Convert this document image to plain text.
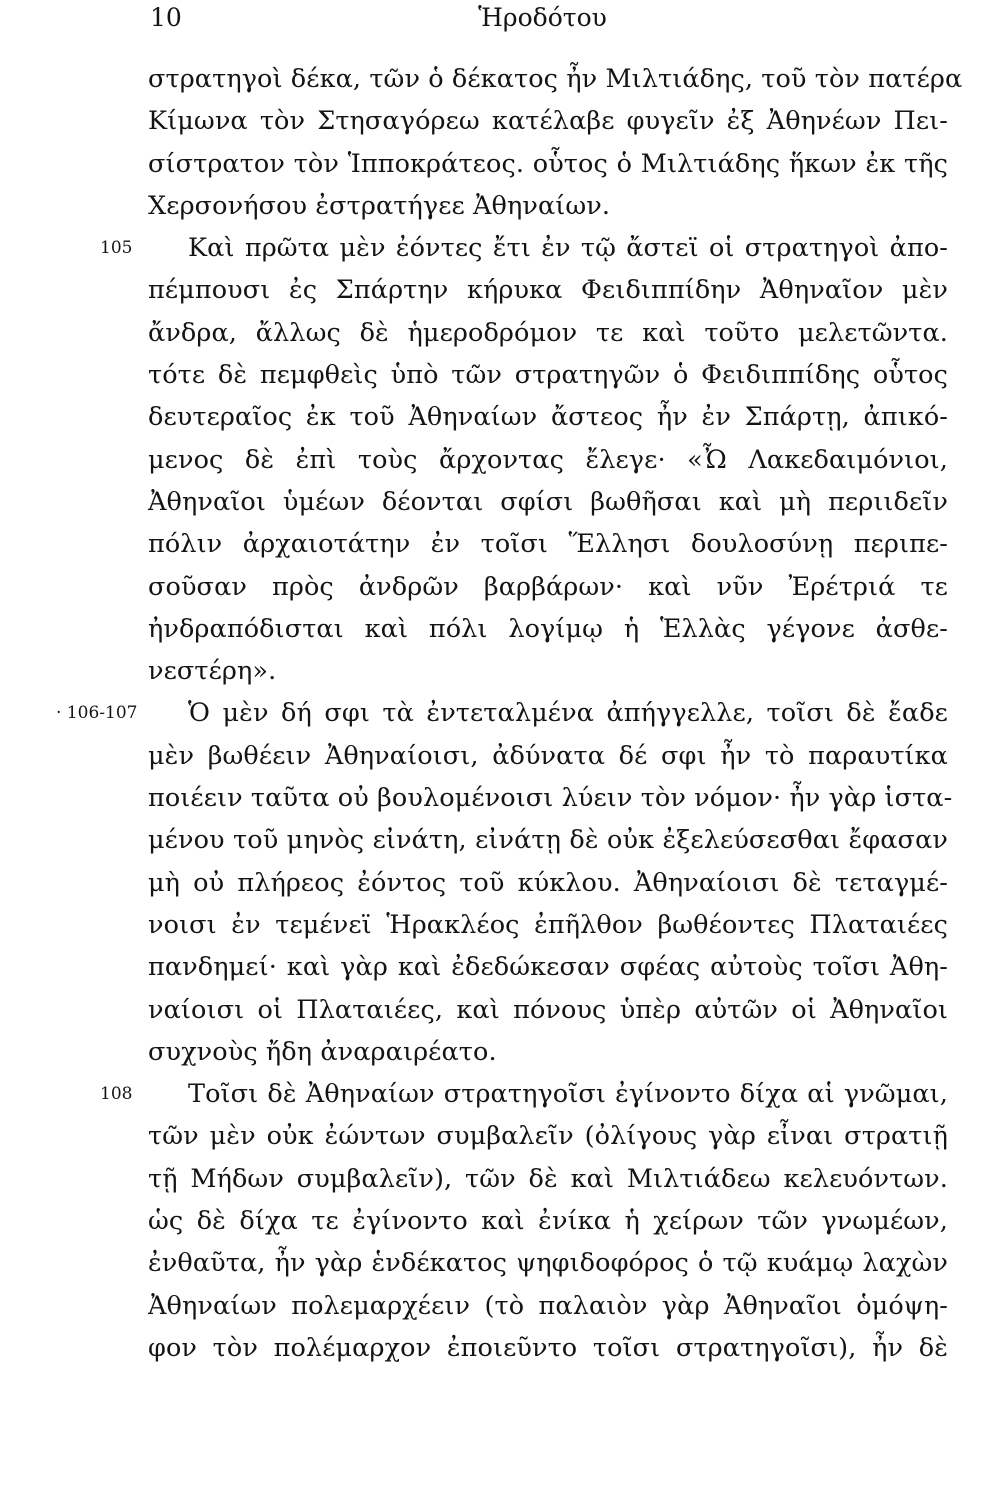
10	Ἡροδότου
στρατηγοὶ δέκα, τῶν ὁ δέκατος ἦν Μιλτιάδης, τοῦ τὸν πατέρα
Κίμωνα τὸν Στησαγόρεω κατέλαβε φυγεῖν ἐξ Ἀθηνέων Πει-
σίστρατον τὸν Ἱπποκράτεος. οὗτος ὁ Μιλτιάδης ἥκων ἐκ τῆς
Χερσονήσου ἐστρατήγεε Ἀθηναίων.
105 Καὶ πρῶτα μὲν ἐόντες ἔτι ἐν τῷ ἄστεϊ οἱ στρατηγοὶ ἀπο-
πέμπουσι ἐς Σπάρτην κήρυκα Φειδιππίδην Ἀθηναῖον μὲν
ἄνδρα, ἄλλως δὲ ἡμεροδρόμον τε καὶ τοῦτο μελετῶντα.
τότε δὲ πεμφθεὶς ὑπὸ τῶν στρατηγῶν ὁ Φειδιππίδης οὗτος
δευτεραῖος ἐκ τοῦ Ἀθηναίων ἄστεος ἦν ἐν Σπάρτῃ, ἀπικό-
μενος δὲ ἐπὶ τοὺς ἄρχοντας ἔλεγε· «Ὦ Λακεδαιμόνιοι,
Ἀθηναῖοι ὑμέων δέονται σφίσι βωθῆσαι καὶ μὴ περιιδεῖν
πόλιν ἀρχαιοτάτην ἐν τοῖσι Ἕλλησι δουλοσύνῃ περιπε-
σοῦσαν πρὸς ἀνδρῶν βαρβάρων· καὶ νῦν Ἐρέτριά τε
ἠνδραπόδισται καὶ πόλι λογίμῳ ἡ Ἑλλὰς γέγονε ἀσθε-
νεστέρη».
· 106-107 Ὁ μὲν δή σφι τὰ ἐντεταλμένα ἀπήγγελλε, τοῖσι δὲ ἔαδε
μὲν βωθέειν Ἀθηναίοισι, ἀδύνατα δέ σφι ἦν τὸ παραυτίκα
ποιέειν ταῦτα οὐ βουλομένοισι λύειν τὸν νόμον· ἦν γὰρ ἱστα-
μένου τοῦ μηνὸς εἰνάτη, εἰνάτῃ δὲ οὐκ ἐξελεύσεσθαι ἔφασαν
μὴ οὐ πλήρεος ἐόντος τοῦ κύκλου. Ἀθηναίοισι δὲ τεταγμέ-
νοισι ἐν τεμένεϊ Ἡρακλέος ἐπῆλθον βωθέοντες Πλαταιέες
πανδημεί· καὶ γὰρ καὶ ἐδεδώκεσαν σφέας αὐτοὺς τοῖσι Ἀθη-
ναίοισι οἱ Πλαταιέες, καὶ πόνους ὑπὲρ αὐτῶν οἱ Ἀθηναῖοι
συχνοὺς ἤδη ἀναραιρέατο.
108 Τοῖσι δὲ Ἀθηναίων στρατηγοῖσι ἐγίνοντο δίχα αἱ γνῶμαι,
τῶν μὲν οὐκ ἐώντων συμβαλεῖν (ὀλίγους γὰρ εἶναι στρατιῇ
τῇ Μήδων συμβαλεῖν), τῶν δὲ καὶ Μιλτιάδεω κελευόντων.
ὡς δὲ δίχα τε ἐγίνοντο καὶ ἐνίκα ἡ χείρων τῶν γνωμέων,
ἐνθαῦτα, ἦν γὰρ ἑνδέκατος ψηφιδοφόρος ὁ τῷ κυάμῳ λαχὼν
Ἀθηναίων πολεμαρχέειν (τὸ παλαιὸν γὰρ Ἀθηναῖοι ὁμόψη-
φον τὸν πολέμαρχον ἐποιεῦντο τοῖσι στρατηγοῖσι), ἦν δὲ
